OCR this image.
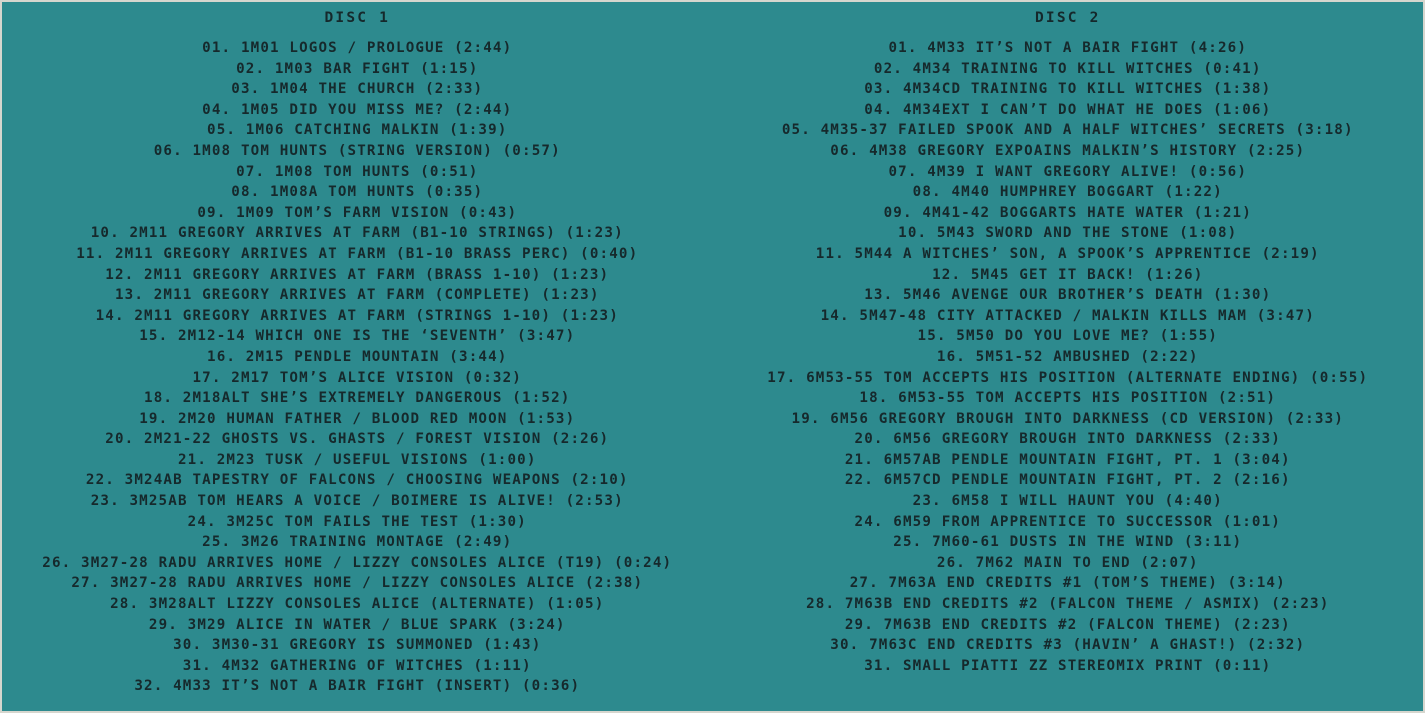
DISC 1
01. 1M01 LOGOS / PROLOGUE (2:44)
02. 1M03 BAR FIGHT (1:15)
03. 1M04 THE CHURCH (2:33)
04. 1M05 DID YOU MISS ME? (2:44)
05. 1M06 CATCHING MALKIN (1:39)
06. 1M08 TOM HUNTS (STRING VERSION) (0:57)
07. 1M08 TOM HUNTS (0:51)
08. 1M08A TOM HUNTS (0:35)
09. 1M09 TOM’S FARM VISION (0:43)
10. 2M11 GREGORY ARRIVES AT FARM (B1-10 STRINGS) (1:23)
11. 2M11 GREGORY ARRIVES AT FARM (B1-10 BRASS PERC) (0:40)
12. 2M11 GREGORY ARRIVES AT FARM (BRASS 1-10) (1:23)
13. 2M11 GREGORY ARRIVES AT FARM (COMPLETE) (1:23)
14. 2M11 GREGORY ARRIVES AT FARM (STRINGS 1-10) (1:23)
15. 2M12-14 WHICH ONE IS THE ‘SEVENTH’ (3:47)
16. 2M15 PENDLE MOUNTAIN (3:44)
17. 2M17 TOM’S ALICE VISION (0:32)
18. 2M18ALT SHE’S EXTREMELY DANGEROUS (1:52)
19. 2M20 HUMAN FATHER / BLOOD RED MOON (1:53)
20. 2M21-22 GHOSTS VS. GHASTS / FOREST VISION (2:26)
21. 2M23 TUSK / USEFUL VISIONS (1:00)
22. 3M24AB TAPESTRY OF FALCONS / CHOOSING WEAPONS (2:10)
23. 3M25AB TOM HEARS A VOICE / BOIMERE IS ALIVE! (2:53)
24. 3M25C TOM FAILS THE TEST (1:30)
25. 3M26 TRAINING MONTAGE (2:49)
26. 3M27-28 RADU ARRIVES HOME / LIZZY CONSOLES ALICE (T19) (0:24)
27. 3M27-28 RADU ARRIVES HOME / LIZZY CONSOLES ALICE (2:38)
28. 3M28ALT LIZZY CONSOLES ALICE (ALTERNATE) (1:05)
29. 3M29 ALICE IN WATER / BLUE SPARK (3:24)
30. 3M30-31 GREGORY IS SUMMONED (1:43)
31. 4M32 GATHERING OF WITCHES (1:11)
32. 4M33 IT’S NOT A BAIR FIGHT (INSERT) (0:36)
DISC 2
01. 4M33 IT’S NOT A BAIR FIGHT (4:26)
02. 4M34 TRAINING TO KILL WITCHES (0:41)
03. 4M34CD TRAINING TO KILL WITCHES (1:38)
04. 4M34EXT I CAN’T DO WHAT HE DOES (1:06)
05. 4M35-37 FAILED SPOOK AND A HALF WITCHES’ SECRETS (3:18)
06. 4M38 GREGORY EXPOAINS MALKIN’S HISTORY (2:25)
07. 4M39 I WANT GREGORY ALIVE! (0:56)
08. 4M40 HUMPHREY BOGGART (1:22)
09. 4M41-42 BOGGARTS HATE WATER (1:21)
10. 5M43 SWORD AND THE STONE (1:08)
11. 5M44 A WITCHES’ SON, A SPOOK’S APPRENTICE (2:19)
12. 5M45 GET IT BACK! (1:26)
13. 5M46 AVENGE OUR BROTHER’S DEATH (1:30)
14. 5M47-48 CITY ATTACKED / MALKIN KILLS MAM (3:47)
15. 5M50 DO YOU LOVE ME? (1:55)
16. 5M51-52 AMBUSHED (2:22)
17. 6M53-55 TOM ACCEPTS HIS POSITION (ALTERNATE ENDING) (0:55)
18. 6M53-55 TOM ACCEPTS HIS POSITION (2:51)
19. 6M56 GREGORY BROUGH INTO DARKNESS (CD VERSION) (2:33)
20. 6M56 GREGORY BROUGH INTO DARKNESS (2:33)
21. 6M57AB PENDLE MOUNTAIN FIGHT, PT. 1 (3:04)
22. 6M57CD PENDLE MOUNTAIN FIGHT, PT. 2 (2:16)
23. 6M58 I WILL HAUNT YOU (4:40)
24. 6M59 FROM APPRENTICE TO SUCCESSOR (1:01)
25. 7M60-61 DUSTS IN THE WIND (3:11)
26. 7M62 MAIN TO END (2:07)
27. 7M63A END CREDITS #1 (TOM’S THEME) (3:14)
28. 7M63B END CREDITS #2 (FALCON THEME / ASMIX) (2:23)
29. 7M63B END CREDITS #2 (FALCON THEME) (2:23)
30. 7M63C END CREDITS #3 (HAVIN’ A GHAST!) (2:32)
31. SMALL PIATTI ZZ STEREOMIX PRINT (0:11)
